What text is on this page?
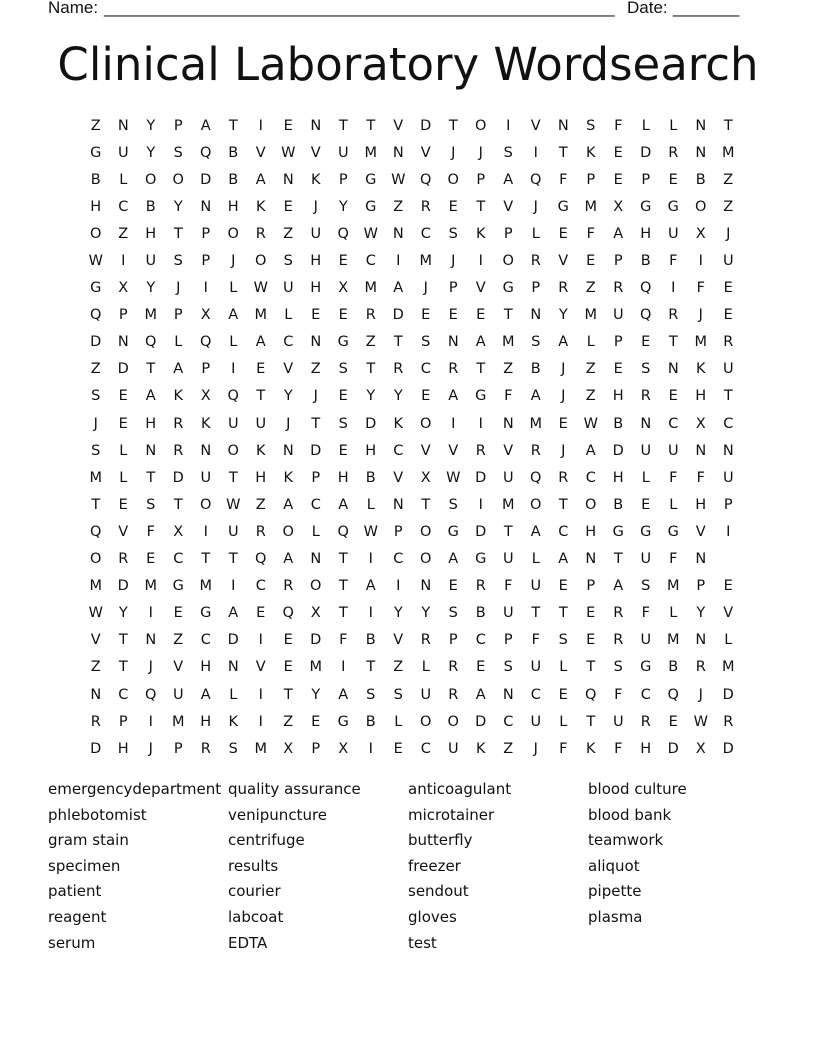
Name: ______________________________________________________ Date: _______
Clinical Laboratory Wordsearch
Z	N	Y	P	A	T	I	E	N	T	T	V	D	T	O	I	V	N	S	F	L	L	N	T
G	U	Y	S	Q	B	V	W	V	U	M	N	V	J	J	S	I	T	K	E	D	R	N	M
B	L	O	O	D	B	A	N	K	P	G	W	Q	O	P	A	Q	F	P	E	P	E	B	Z
H	C	B	Y	N	H	K	E	J	Y	G	Z	R	E	T	V	J	G	M	X	G	G	O	Z
O	Z	H	T	P	O	R	Z	U	Q	W	N	C	S	K	P	L	E	F	A	H	U	X	J
W	I	U	S	P	J	O	S	H	E	C	I	M	J	I	O	R	V	E	P	B	F	I	U
G	X	Y	J	I	L	W	U	H	X	M	A	J	P	V	G	P	R	Z	R	Q	I	F	E
Q	P	M	P	X	A	M	L	E	E	R	D	E	E	E	T	N	Y	M	U	Q	R	J	E
D	N	Q	L	Q	L	A	C	N	G	Z	T	S	N	A	M	S	A	L	P	E	T	M	R
Z	D	T	A	P	I	E	V	Z	S	T	R	C	R	T	Z	B	J	Z	E	S	N	K	U
S	E	A	K	X	Q	T	Y	J	E	Y	Y	E	A	G	F	A	J	Z	H	R	E	H	T
J	E	H	R	K	U	U	J	T	S	D	K	O	I	I	N	M	E	W	B	N	C	X	C
S	L	N	R	N	O	K	N	D	E	H	C	V	V	R	V	R	J	A	D	U	U	N	N
M	L	T	D	U	T	H	K	P	H	B	V	X	W	D	U	Q	R	C	H	L	F	F	U
T	E	S	T	O	W	Z	A	C	A	L	N	T	S	I	M	O	T	O	B	E	L	H	P
Q	V	F	X	I	U	R	O	L	Q	W	P	O	G	D	T	A	C	H	G	G	G	V	I
O	R	E	C	T	T	Q	A	N	T	I	C	O	A	G	U	L	A	N	T	U	F	N
M	D	M	G	M	I	C	R	O	T	A	I	N	E	R	F	U	E	P	A	S	M	P	E
W	Y	I	E	G	A	E	Q	X	T	I	Y	Y	S	B	U	T	T	E	R	F	L	Y	V
V	T	N	Z	C	D	I	E	D	F	B	V	R	P	C	P	F	S	E	R	U	M	N	L
Z	T	J	V	H	N	V	E	M	I	T	Z	L	R	E	S	U	L	T	S	G	B	R	M
N	C	Q	U	A	L	I	T	Y	A	S	S	U	R	A	N	C	E	Q	F	C	Q	J	D
R	P	I	M	H	K	I	Z	E	G	B	L	O	O	D	C	U	L	T	U	R	E	W	R
D	H	J	P	R	S	M	X	P	X	I	E	C	U	K	Z	J	F	K	F	H	D	X	D
emergencydepartment
phlebotomist
gram stain
specimen
patient
reagent
serum
quality assurance
venipuncture
centrifuge
results
courier
labcoat
EDTA
anticoagulant
microtainer
butterfly
freezer
sendout
gloves
test
blood culture
blood bank
teamwork
aliquot
pipette
plasma
